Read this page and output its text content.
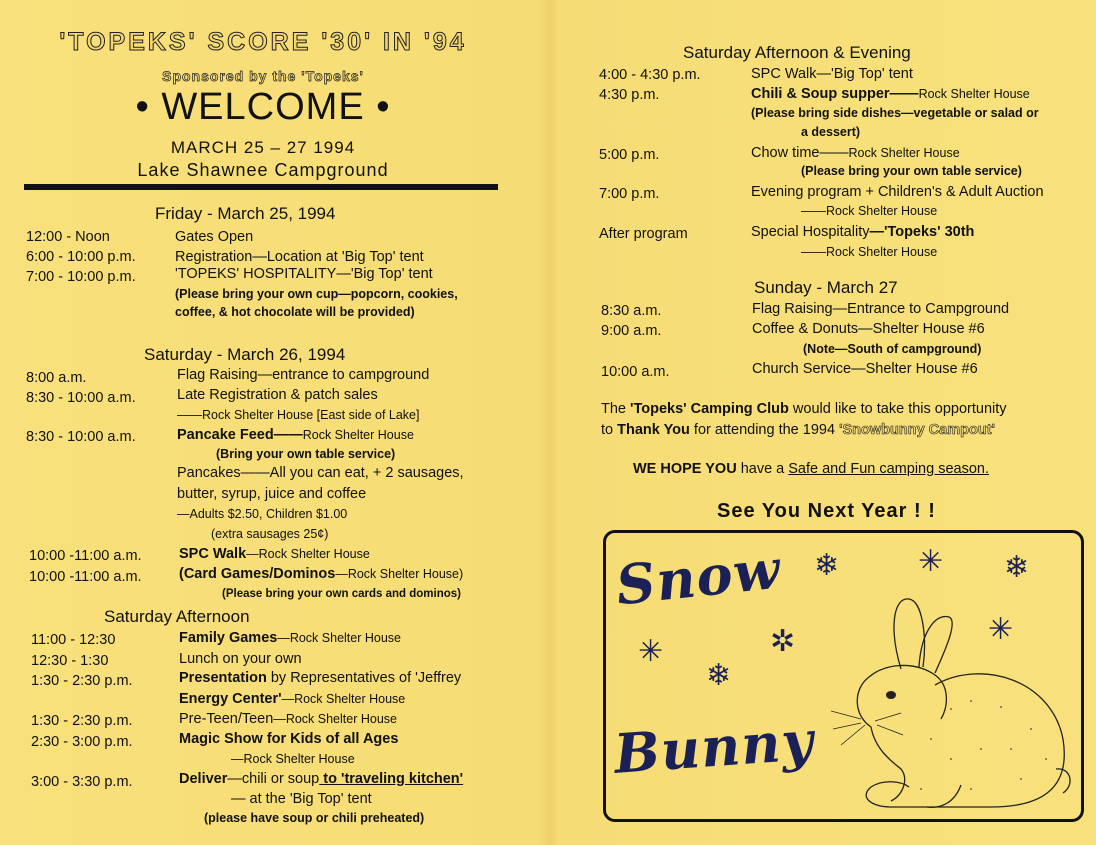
'TOPEKS' SCORE '30' IN '94
Sponsored by the 'Topeks'
• WELCOME •
MARCH 25 – 27 1994
Lake Shawnee Campground
Friday - March 25, 1994
12:00 - Noon	Gates Open
6:00 - 10:00 p.m.	Registration—Location at 'Big Top' tent
7:00 - 10:00 p.m.	'TOPEKS' HOSPITALITY—'Big Top' tent
(Please bring your own cup—popcorn, cookies,
coffee, & hot chocolate will be provided)
Saturday - March 26, 1994
8:00 a.m.	Flag Raising—entrance to campground
8:30 - 10:00 a.m.	Late Registration & patch sales
——Rock Shelter House [East side of Lake]
8:30 - 10:00 a.m.	Pancake Feed——Rock Shelter House
(Bring your own table service)
Pancakes——All you can eat, + 2 sausages,
butter, syrup, juice and coffee
—Adults $2.50, Children $1.00
(extra sausages 25¢)
10:00 -11:00 a.m.	SPC Walk—Rock Shelter House
10:00 -11:00 a.m.	(Card Games/Dominos—Rock Shelter House)
(Please bring your own cards and dominos)
Saturday Afternoon
11:00 - 12:30	Family Games—Rock Shelter House
12:30 - 1:30	Lunch on your own
1:30 - 2:30 p.m.	Presentation by Representatives of 'Jeffrey
Energy Center'—Rock Shelter House
1:30 - 2:30 p.m.	Pre-Teen/Teen—Rock Shelter House
2:30 - 3:00 p.m.	Magic Show for Kids of all Ages
—Rock Shelter House
3:00 - 3:30 p.m.	Deliver—chili or soup to 'traveling kitchen'
— at the 'Big Top' tent
(please have soup or chili preheated)
Saturday Afternoon & Evening
4:00 - 4:30 p.m.	SPC Walk—'Big Top' tent
4:30 p.m.	Chili & Soup supper——Rock Shelter House
(Please bring side dishes—vegetable or salad or
a dessert)
5:00 p.m.	Chow time——Rock Shelter House
(Please bring your own table service)
7:00 p.m.	Evening program + Children's & Adult Auction
——Rock Shelter House
After program	Special Hospitality—'Topeks' 30th
——Rock Shelter House
Sunday - March 27
8:30 a.m.	Flag Raising—Entrance to Campground
9:00 a.m.	Coffee & Donuts—Shelter House #6
(Note—South of campground)
10:00 a.m.	Church Service—Shelter House #6
The 'Topeks' Camping Club would like to take this opportunity
to Thank You for attending the 1994 'Snowbunny Campout'
WE HOPE YOU have a Safe and Fun camping season.
See You Next Year ! !
Snow
Bunny
❄	✳ ❄
✳	✲
❄
✳
